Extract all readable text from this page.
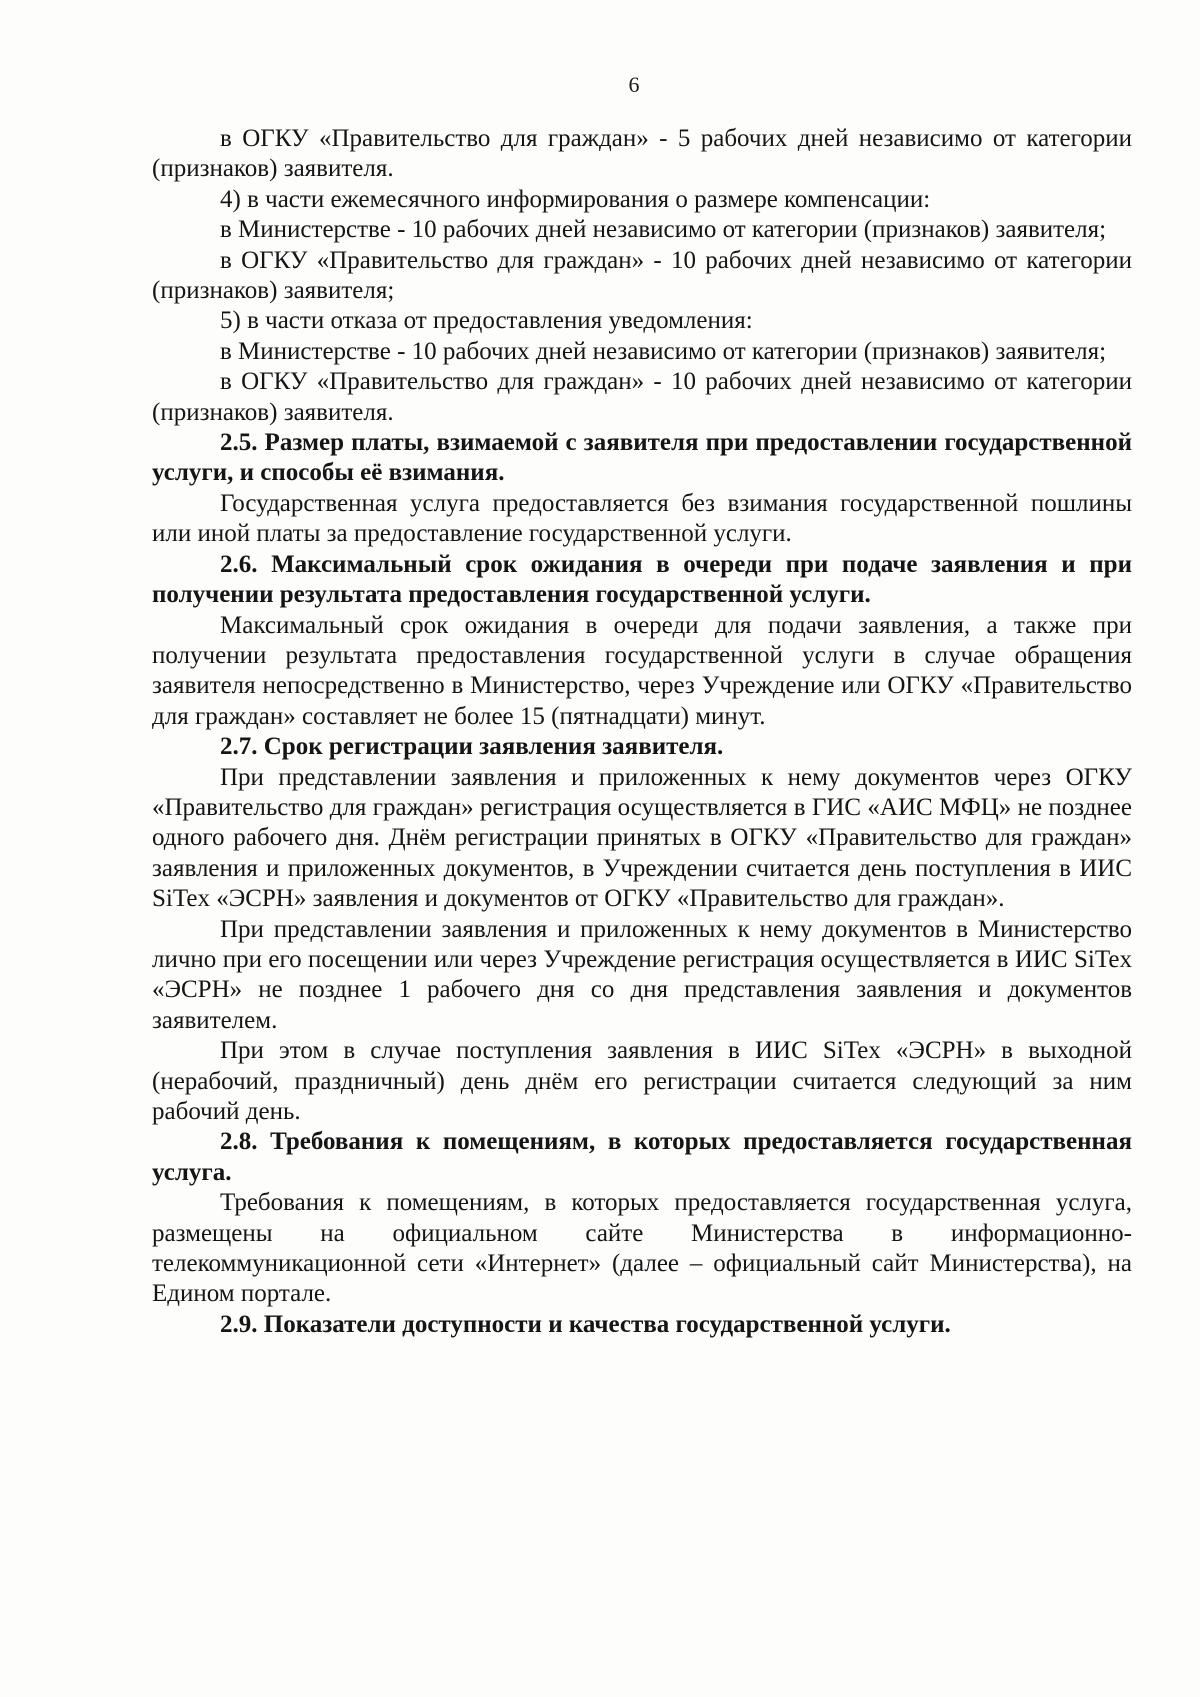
6

в ОГКУ «Правительство для граждан» - 5 рабочих дней независимо от категории (признаков) заявителя.

4) в части ежемесячного информирования о размере компенсации:

в Министерстве - 10 рабочих дней независимо от категории (признаков) заявителя;

в ОГКУ «Правительство для граждан» - 10 рабочих дней независимо от категории (признаков) заявителя;

5) в части отказа от предоставления уведомления:

в Министерстве - 10 рабочих дней независимо от категории (признаков) заявителя;

в ОГКУ «Правительство для граждан» - 10 рабочих дней независимо от категории (признаков) заявителя.

2.5. Размер платы, взимаемой с заявителя при предоставлении государственной услуги, и способы её взимания.

Государственная услуга предоставляется без взимания государственной пошлины или иной платы за предоставление государственной услуги.

2.6. Максимальный срок ожидания в очереди при подаче заявления и при получении результата предоставления государственной услуги.

Максимальный срок ожидания в очереди для подачи заявления, а также при получении результата предоставления государственной услуги в случае обращения заявителя непосредственно в Министерство, через Учреждение или ОГКУ «Правительство для граждан» составляет не более 15 (пятнадцати) минут.

2.7. Срок регистрации заявления заявителя.

При представлении заявления и приложенных к нему документов через ОГКУ «Правительство для граждан» регистрация осуществляется в ГИС «АИС МФЦ» не позднее одного рабочего дня. Днём регистрации принятых в ОГКУ «Правительство для граждан» заявления и приложенных документов, в Учреждении считается день поступления в ИИС SiTex «ЭСРН» заявления и документов от ОГКУ «Правительство для граждан».

При представлении заявления и приложенных к нему документов в Министерство лично при его посещении или через Учреждение регистрация осуществляется в ИИС SiTex «ЭСРН» не позднее 1 рабочего дня со дня представления заявления и документов заявителем.

При этом в случае поступления заявления в ИИС SiTex «ЭСРН» в выходной (нерабочий, праздничный) день днём его регистрации считается следующий за ним рабочий день.

2.8. Требования к помещениям, в которых предоставляется государственная услуга.

Требования к помещениям, в которых предоставляется государственная услуга, размещены на официальном сайте Министерства в информационно-телекоммуникационной сети «Интернет» (далее – официальный сайт Министерства), на Едином портале.

2.9. Показатели доступности и качества государственной услуги.
